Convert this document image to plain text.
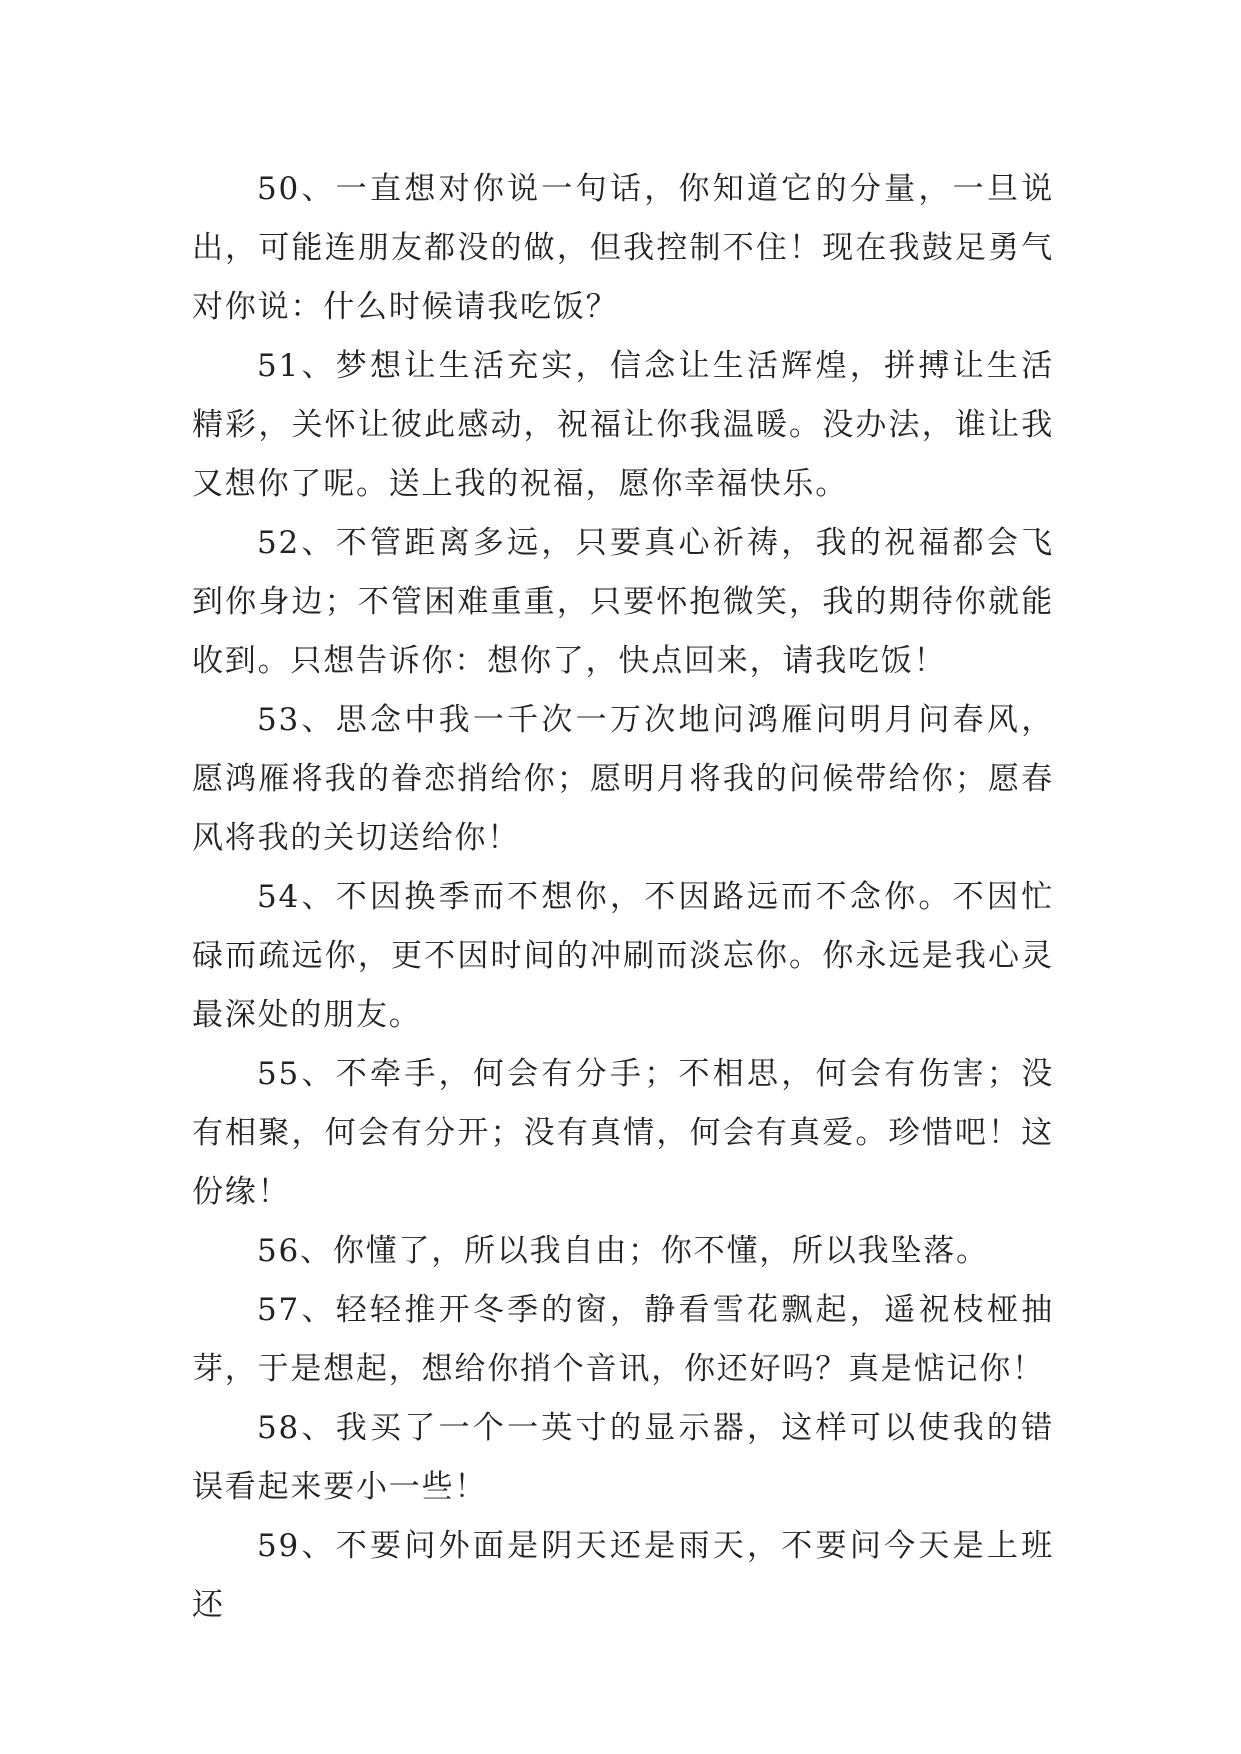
50、一直想对你说一句话，你知道它的分量，一旦说出，可能连朋友都没的做，但我控制不住！现在我鼓足勇气对你说：什么时候请我吃饭？

51、梦想让生活充实，信念让生活辉煌，拼搏让生活精彩，关怀让彼此感动，祝福让你我温暖。没办法，谁让我又想你了呢。送上我的祝福，愿你幸福快乐。

52、不管距离多远，只要真心祈祷，我的祝福都会飞到你身边；不管困难重重，只要怀抱微笑，我的期待你就能收到。只想告诉你：想你了，快点回来，请我吃饭！

53、思念中我一千次一万次地问鸿雁问明月问春风，愿鸿雁将我的眷恋捎给你；愿明月将我的问候带给你；愿春风将我的关切送给你！

54、不因换季而不想你，不因路远而不念你。不因忙碌而疏远你，更不因时间的冲刷而淡忘你。你永远是我心灵最深处的朋友。

55、不牵手，何会有分手；不相思，何会有伤害；没有相聚，何会有分开；没有真情，何会有真爱。珍惜吧！这份缘！

56、你懂了，所以我自由；你不懂，所以我坠落。

57、轻轻推开冬季的窗，静看雪花飘起，遥祝枝桠抽芽，于是想起，想给你捎个音讯，你还好吗？真是惦记你！

58、我买了一个一英寸的显示器，这样可以使我的错误看起来要小一些！

59、不要问外面是阴天还是雨天，不要问今天是上班还
